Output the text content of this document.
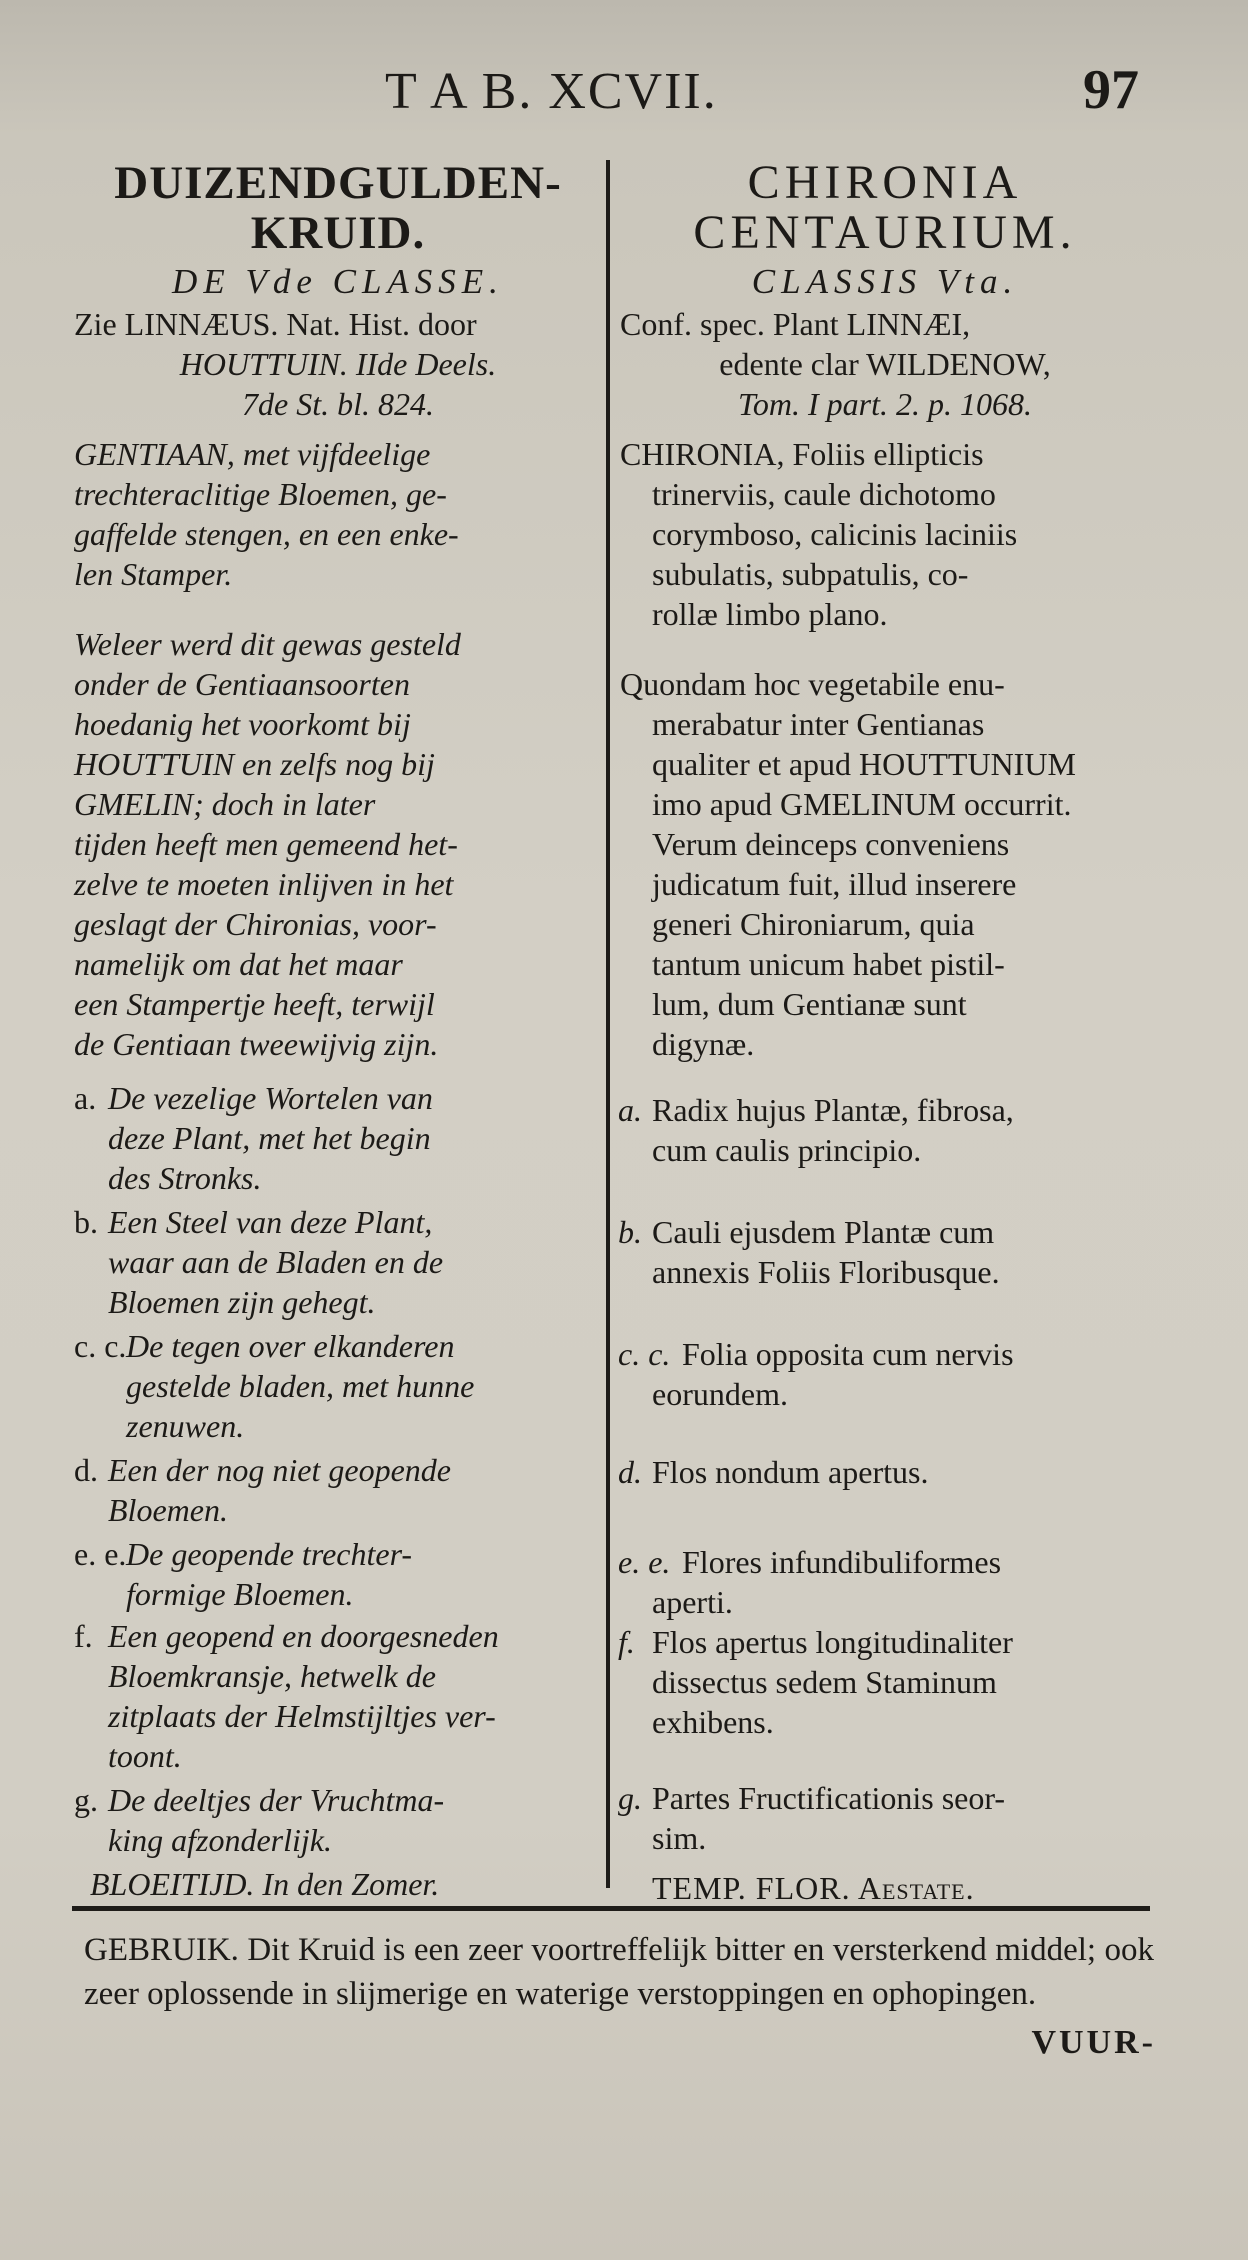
T A B. XCVII.	97
DUIZENDGULDEN-
KRUID.
DE Vde CLASSE.
Zie LINNÆUS. Nat. Hist. door
HOUTTUIN. IIde Deels.
7de St. bl. 824.
GENTIAAN, met vijfdeelige
trechteraclitige Bloemen, ge-
gaffelde stengen, en een enke-
len Stamper.
Weleer werd dit gewas gesteld
onder de Gentiaansoorten
hoedanig het voorkomt bij
HOUTTUIN en zelfs nog bij
GMELIN; doch in later
tijden heeft men gemeend het-
zelve te moeten inlijven in het
geslagt der Chironias, voor-
namelijk om dat het maar
een Stampertje heeft, terwijl
de Gentiaan tweewijvig zijn.
a. De vezelige Wortelen van
deze Plant, met het begin
des Stronks.
b. Een Steel van deze Plant,
waar aan de Bladen en de
Bloemen zijn gehegt.
c. c. De tegen over elkanderen
gestelde bladen, met hunne
zenuwen.
d. Een der nog niet geopende
Bloemen.
e. e. De geopende trechter-
formige Bloemen.
f. Een geopend en doorgesneden
Bloemkransje, hetwelk de
zitplaats der Helmstijltjes ver-
toont.
g. De deeltjes der Vruchtma-
king afzonderlijk.
BLOEITIJD. In den Zomer.
CHIRONIA
CENTAURIUM.
CLASSIS Vta.
Conf. spec. Plant LINNÆI,
edente clar WILDENOW,
Tom. I part. 2. p. 1068.
CHIRONIA, Foliis ellipticis
trinerviis, caule dichotomo
corymboso, calicinis laciniis
subulatis, subpatulis, co-
rollæ limbo plano.
Quondam hoc vegetabile enu-
merabatur inter Gentianas
qualiter et apud HOUTTUNIUM
imo apud GMELINUM occurrit.
Verum deinceps conveniens
judicatum fuit, illud inserere
generi Chironiarum, quia
tantum unicum habet pistil-
lum, dum Gentianæ sunt
digynæ.
a. Radix hujus Plantæ, fibrosa,
cum caulis principio.
b. Cauli ejusdem Plantæ cum
annexis Foliis Floribusque.
c. c. Folia opposita cum nervis
eorundem.
d. Flos nondum apertus.
e. e. Flores infundibuliformes
aperti.
f. Flos apertus longitudinaliter
dissectus sedem Staminum
exhibens.
g. Partes Fructificationis seor-
sim.
TEMP. FLOR. Aestate.
GEBRUIK. Dit Kruid is een zeer voortreffelijk bitter en versterkend middel; ook zeer oplossende in slijmerige en waterige verstoppingen en ophopingen.
VUUR-
